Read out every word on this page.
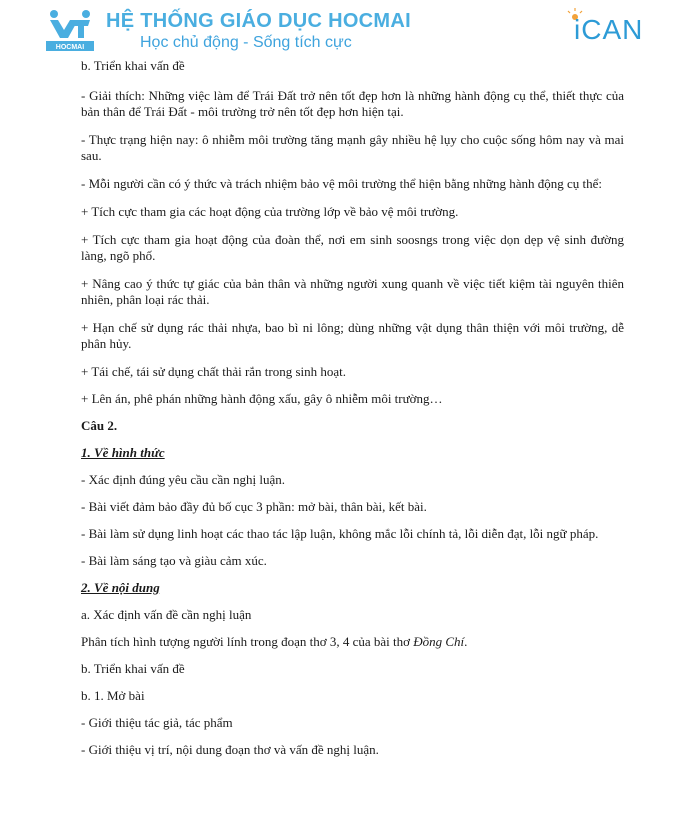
HOCMAI
HỆ THỐNG GIÁO DỤC HOCMAI
Học chủ động - Sống tích cực	iCAN

b. Triển khai vấn đề

- Giải thích: Những việc làm để Trái Đất trở nên tốt đẹp hơn là những hành động cụ thể, thiết thực của bản thân để Trái Đất - môi trường trở nên tốt đẹp hơn hiện tại.

- Thực trạng hiện nay: ô nhiễm môi trường tăng mạnh gây nhiều hệ lụy cho cuộc sống hôm nay và mai sau.

- Mỗi người cần có ý thức và trách nhiệm bảo vệ môi trường thể hiện bằng những hành động cụ thể:

+ Tích cực tham gia các hoạt động của trường lớp về bảo vệ môi trường.

+ Tích cực tham gia hoạt động của đoàn thể, nơi em sinh soosngs trong việc dọn dẹp vệ sinh đường làng, ngõ phố.

+ Nâng cao ý thức tự giác của bản thân và những người xung quanh về việc tiết kiệm tài nguyên thiên nhiên, phân loại rác thải.

+ Hạn chế sử dụng rác thải nhựa, bao bì ni lông; dùng những vật dụng thân thiện với môi trường, dễ phân hủy.

+ Tái chế, tái sử dụng chất thải rắn trong sinh hoạt.

+ Lên án, phê phán những hành động xấu, gây ô nhiễm môi trường…

Câu 2.

1. Về hình thức

- Xác định đúng yêu cầu cần nghị luận.

- Bài viết đảm bảo đầy đủ bố cục 3 phần: mở bài, thân bài, kết bài.

- Bài làm sử dụng linh hoạt các thao tác lập luận, không mắc lỗi chính tả, lỗi diễn đạt, lỗi ngữ pháp.

- Bài làm sáng tạo và giàu cảm xúc.

2. Về nội dung

a. Xác định vấn đề cần nghị luận

Phân tích hình tượng người lính trong đoạn thơ 3, 4 của bài thơ Đồng Chí.

b. Triển khai vấn đề

b. 1. Mở bài

- Giới thiệu tác giả, tác phẩm

- Giới thiệu vị trí, nội dung đoạn thơ và vấn đề nghị luận.
